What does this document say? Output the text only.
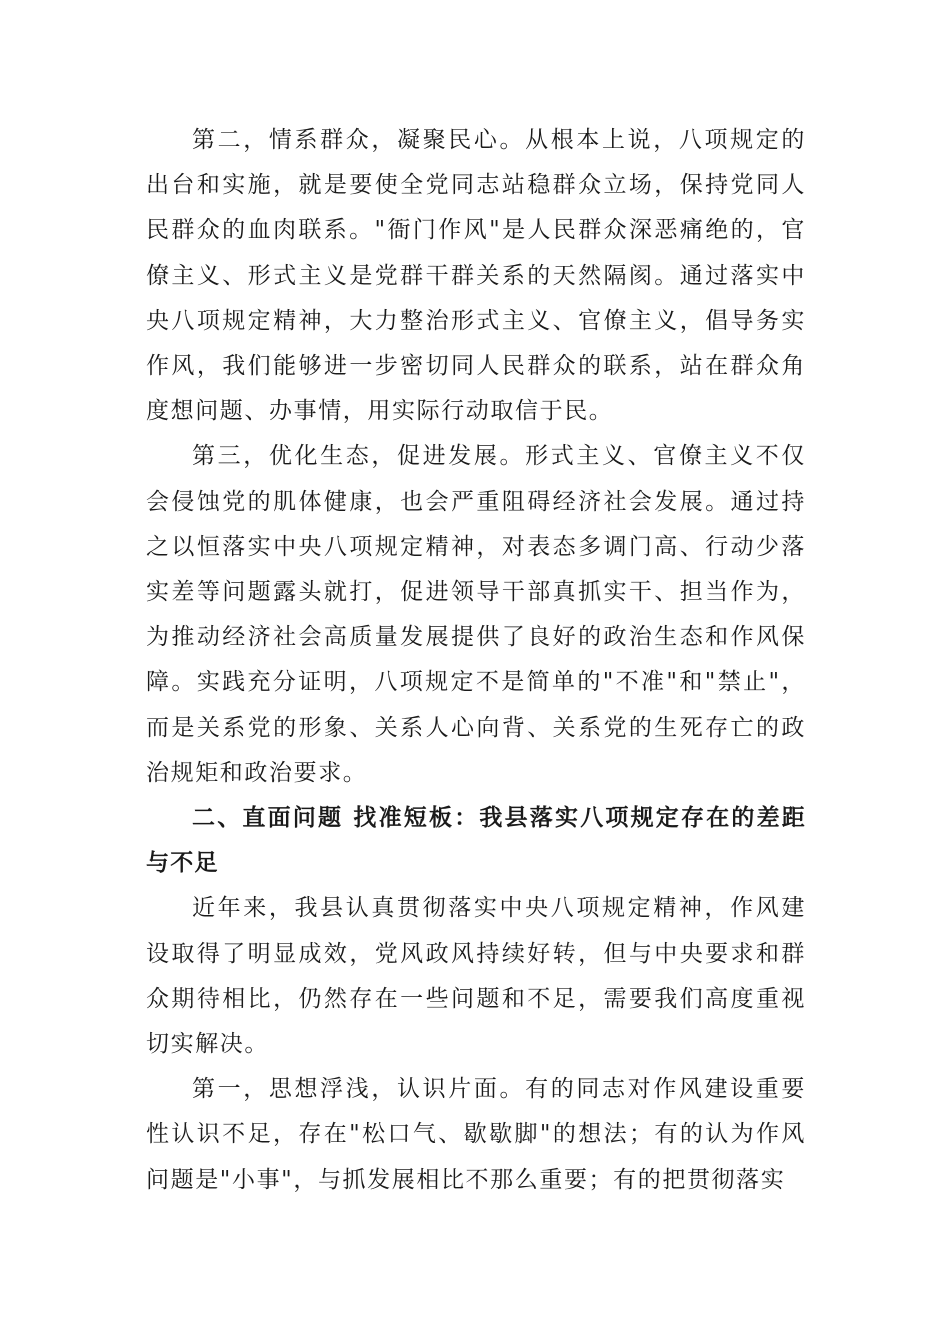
第二，情系群众，凝聚民心。从根本上说，八项规定的出台和实施，就是要使全党同志站稳群众立场，保持党同人民群众的血肉联系。"衙门作风"是人民群众深恶痛绝的，官僚主义、形式主义是党群干群关系的天然隔阂。通过落实中央八项规定精神，大力整治形式主义、官僚主义，倡导务实作风，我们能够进一步密切同人民群众的联系，站在群众角度想问题、办事情，用实际行动取信于民。

第三，优化生态，促进发展。形式主义、官僚主义不仅会侵蚀党的肌体健康，也会严重阻碍经济社会发展。通过持之以恒落实中央八项规定精神，对表态多调门高、行动少落实差等问题露头就打，促进领导干部真抓实干、担当作为，为推动经济社会高质量发展提供了良好的政治生态和作风保障。实践充分证明，八项规定不是简单的"不准"和"禁止"，而是关系党的形象、关系人心向背、关系党的生死存亡的政治规矩和政治要求。

二、直面问题 找准短板：我县落实八项规定存在的差距与不足

近年来，我县认真贯彻落实中央八项规定精神，作风建设取得了明显成效，党风政风持续好转，但与中央要求和群众期待相比，仍然存在一些问题和不足，需要我们高度重视切实解决。

第一，思想浮浅，认识片面。有的同志对作风建设重要性认识不足，存在"松口气、歇歇脚"的想法；有的认为作风问题是"小事"，与抓发展相比不那么重要；有的把贯彻落实
